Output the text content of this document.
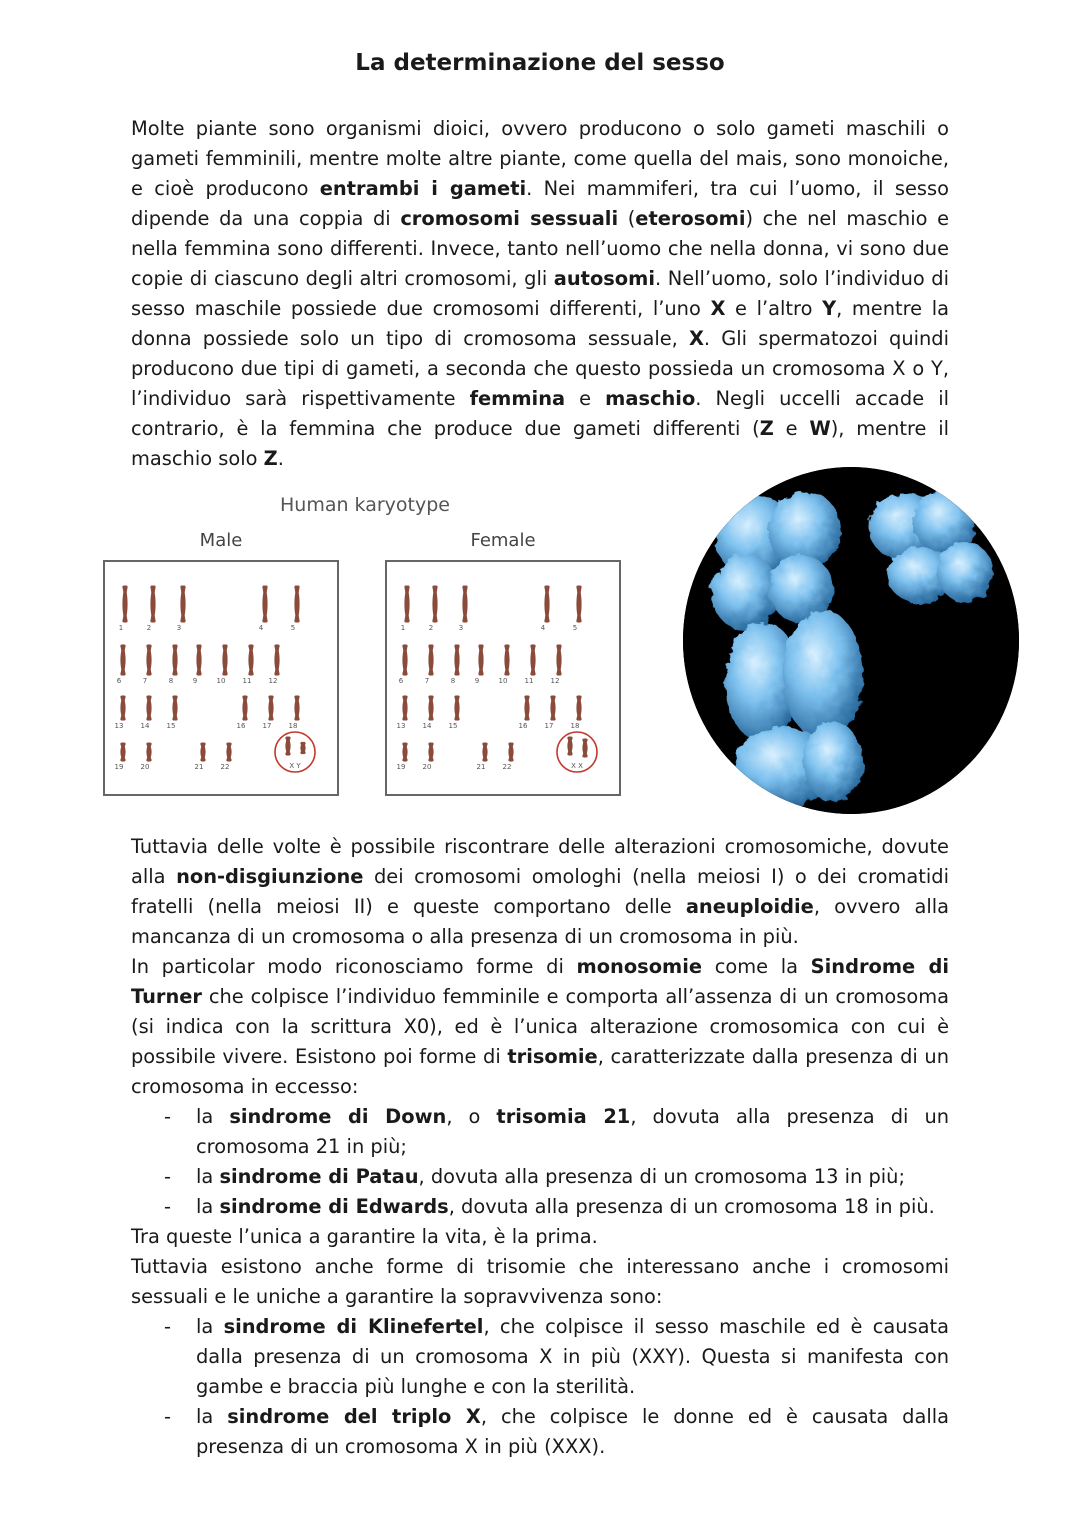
La determinazione del sesso

Molte piante sono organismi dioici, ovvero producono o solo gameti maschili o gameti femminili, mentre molte altre piante, come quella del mais, sono monoiche, e cioè producono entrambi i gameti. Nei mammiferi, tra cui l’uomo, il sesso dipende da una coppia di cromosomi sessuali (eterosomi) che nel maschio e nella femmina sono differenti. Invece, tanto nell’uomo che nella donna, vi sono due copie di ciascuno degli altri cromosomi, gli autosomi. Nell’uomo, solo l’individuo di sesso maschile possiede due cromosomi differenti, l’uno X e l’altro Y, mentre la donna possiede solo un tipo di cromosoma sessuale, X. Gli spermatozoi quindi producono due tipi di gameti, a seconda che questo possieda un cromosoma X o Y, l’individuo sarà rispettivamente femmina e maschio. Negli uccelli accade il contrario, è la femmina che produce due gameti differenti (Z e W), mentre il maschio solo Z.

Human karyotype
Male	Female
1	2	3	4	5
6	7	8	9	10 11 12
13 14 15	16 17 18
19 20	21 22	X Y
1	2	3	4	5
6	7	8	9	10 11 12
13 14 15	16 17 18
19 20	21 22	X X
Tuttavia delle volte è possibile riscontrare delle alterazioni cromosomiche, dovute alla non-disgiunzione dei cromosomi omologhi (nella meiosi I) o dei cromatidi fratelli (nella meiosi II) e queste comportano delle aneuploidie, ovvero alla mancanza di un cromosoma o alla presenza di un cromosoma in più.
In particolar modo riconosciamo forme di monosomie come la Sindrome di Turner che colpisce l’individuo femminile e comporta all’assenza di un cromosoma (si indica con la scrittura X0), ed è l’unica alterazione cromosomica con cui è possibile vivere. Esistono poi forme di trisomie, caratterizzate dalla presenza di un cromosoma in eccesso:
- la sindrome di Down, o trisomia 21, dovuta alla presenza di un cromosoma 21 in più;
- la sindrome di Patau, dovuta alla presenza di un cromosoma 13 in più;
- la sindrome di Edwards, dovuta alla presenza di un cromosoma 18 in più.
Tra queste l’unica a garantire la vita, è la prima.
Tuttavia esistono anche forme di trisomie che interessano anche i cromosomi sessuali e le uniche a garantire la sopravvivenza sono:
- la sindrome di Klinefertel, che colpisce il sesso maschile ed è causata dalla presenza di un cromosoma X in più (XXY). Questa si manifesta con gambe e braccia più lunghe e con la sterilità.
- la sindrome del triplo X, che colpisce le donne ed è causata dalla presenza di un cromosoma X in più (XXX).
